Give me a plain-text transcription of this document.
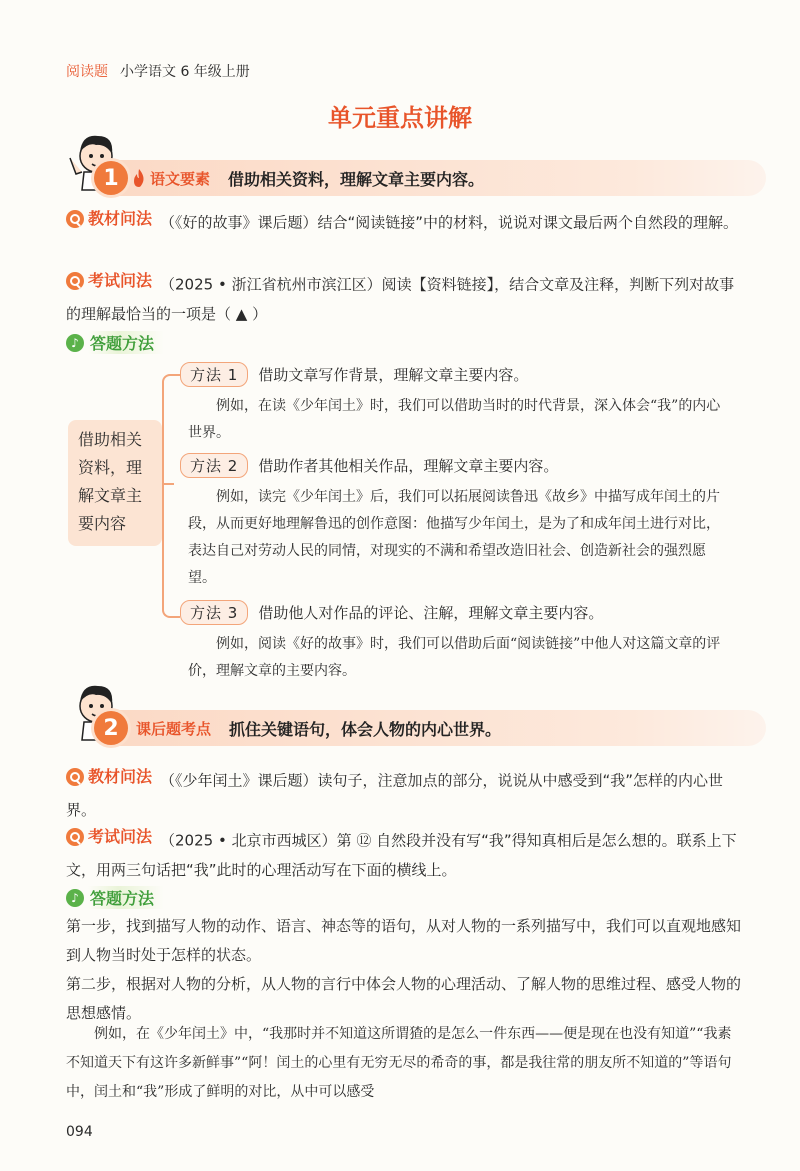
阅读题 小学语文 6 年级上册
单元重点讲解
1	语文要素 借助相关资料，理解文章主要内容。
教材问法 （《好的故事》课后题）结合“阅读链接”中的材料，说说对课文最后两个自然段的理解。
考试问法 （2025 • 浙江省杭州市滨江区）阅读【资料链接】，结合文章及注释，判断下列对故事的理解最恰当的一项是（ ▲ ）
♪ 答题方法
借助相关资料，理解文章主要内容
方法 1	借助文章写作背景，理解文章主要内容。
例如，在读《少年闰土》时，我们可以借助当时的时代背景，深入体会“我”的内心世界。
方法 2	借助作者其他相关作品，理解文章主要内容。
例如，读完《少年闰土》后，我们可以拓展阅读鲁迅《故乡》中描写成年闰土的片段，从而更好地理解鲁迅的创作意图：他描写少年闰土，是为了和成年闰土进行对比，表达自己对劳动人民的同情，对现实的不满和希望改造旧社会、创造新社会的强烈愿望。
方法 3	借助他人对作品的评论、注解，理解文章主要内容。
例如，阅读《好的故事》时，我们可以借助后面“阅读链接”中他人对这篇文章的评价，理解文章的主要内容。
2	课后题考点 抓住关键语句，体会人物的内心世界。
教材问法 （《少年闰土》课后题）读句子，注意加点的部分，说说从中感受到“我”怎样的内心世界。
考试问法 （2025 • 北京市西城区）第 ⑫ 自然段并没有写“我”得知真相后是怎么想的。联系上下文，用两三句话把“我”此时的心理活动写在下面的横线上。
♪ 答题方法
第一步，找到描写人物的动作、语言、神态等的语句，从对人物的一系列描写中，我们可以直观地感知到人物当时处于怎样的状态。
第二步，根据对人物的分析，从人物的言行中体会人物的心理活动、了解人物的思维过程、感受人物的思想感情。
例如，在《少年闰土》中，“我那时并不知道这所谓猹的是怎么一件东西——便是现在也没有知道”“我素不知道天下有这许多新鲜事”“阿！闰土的心里有无穷无尽的希奇的事，都是我往常的朋友所不知道的”等语句中，闰土和“我”形成了鲜明的对比，从中可以感受
094
